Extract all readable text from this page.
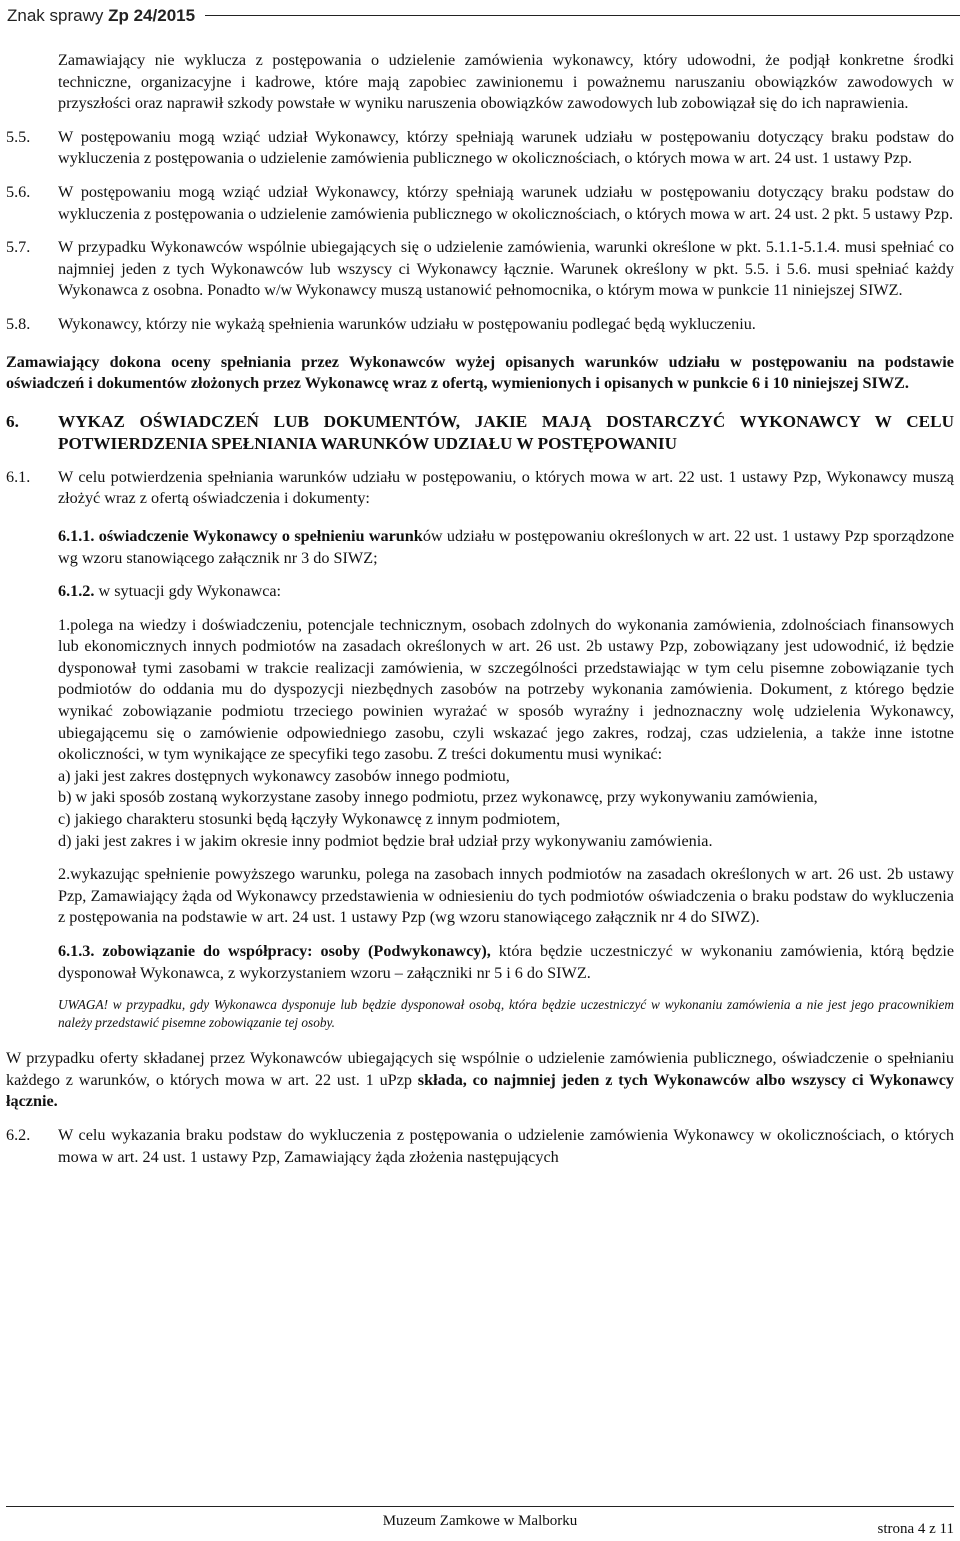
Znak sprawy Zp 24/2015

Zamawiający nie wyklucza z postępowania o udzielenie zamówienia wykonawcy, który udowodni, że podjął konkretne środki techniczne, organizacyjne i kadrowe, które mają zapobiec zawinionemu i poważnemu naruszaniu obowiązków zawodowych w przyszłości oraz naprawił szkody powstałe w wyniku naruszenia obowiązków zawodowych lub zobowiązał się do ich naprawienia.

5.5. W postępowaniu mogą wziąć udział Wykonawcy, którzy spełniają warunek udziału w postępowaniu dotyczący braku podstaw do wykluczenia z postępowania o udzielenie zamówienia publicznego w okolicznościach, o których mowa w art. 24 ust. 1 ustawy Pzp.
5.6. W postępowaniu mogą wziąć udział Wykonawcy, którzy spełniają warunek udziału w postępowaniu dotyczący braku podstaw do wykluczenia z postępowania o udzielenie zamówienia publicznego w okolicznościach, o których mowa w art. 24 ust. 2 pkt. 5 ustawy Pzp.
5.7. W przypadku Wykonawców wspólnie ubiegających się o udzielenie zamówienia, warunki określone w pkt. 5.1.1-5.1.4. musi spełniać co najmniej jeden z tych Wykonawców lub wszyscy ci Wykonawcy łącznie. Warunek określony w pkt. 5.5. i 5.6. musi spełniać każdy Wykonawca z osobna. Ponadto w/w Wykonawcy muszą ustanowić pełnomocnika, o którym mowa w punkcie 11 niniejszej SIWZ.
5.8. Wykonawcy, którzy nie wykażą spełnienia warunków udziału w postępowaniu podlegać będą wykluczeniu.

Zamawiający dokona oceny spełniania przez Wykonawców wyżej opisanych warunków udziału w postępowaniu na podstawie oświadczeń i dokumentów złożonych przez Wykonawcę wraz z ofertą, wymienionych i opisanych w punkcie 6 i 10 niniejszej SIWZ.

6. WYKAZ OŚWIADCZEŃ LUB DOKUMENTÓW, JAKIE MAJĄ DOSTARCZYĆ WYKONAWCY W CELU POTWIERDZENIA SPEŁNIANIA WARUNKÓW UDZIAŁU W POSTĘPOWANIU
6.1. W celu potwierdzenia spełniania warunków udziału w postępowaniu, o których mowa w art. 22 ust. 1 ustawy Pzp, Wykonawcy muszą złożyć wraz z ofertą oświadczenia i dokumenty:
6.1.1. oświadczenie Wykonawcy o spełnieniu warunków udziału w postępowaniu określonych w art. 22 ust. 1 ustawy Pzp sporządzone wg wzoru stanowiącego załącznik nr 3 do SIWZ;
6.1.2. w sytuacji gdy Wykonawca:
1.polega na wiedzy i doświadczeniu, potencjale technicznym, osobach zdolnych do wykonania zamówienia, zdolnościach finansowych lub ekonomicznych innych podmiotów na zasadach określonych w art. 26 ust. 2b ustawy Pzp, zobowiązany jest udowodnić, iż będzie dysponował tymi zasobami w trakcie realizacji zamówienia, w szczególności przedstawiając w tym celu pisemne zobowiązanie tych podmiotów do oddania mu do dyspozycji niezbędnych zasobów na potrzeby wykonania zamówienia. Dokument, z którego będzie wynikać zobowiązanie podmiotu trzeciego powinien wyrażać w sposób wyraźny i jednoznaczny wolę udzielenia Wykonawcy, ubiegającemu się o zamówienie odpowiedniego zasobu, czyli wskazać jego zakres, rodzaj, czas udzielenia, a także inne istotne okoliczności, w tym wynikające ze specyfiki tego zasobu. Z treści dokumentu musi wynikać:
a) jaki jest zakres dostępnych wykonawcy zasobów innego podmiotu,
b) w jaki sposób zostaną wykorzystane zasoby innego podmiotu, przez wykonawcę, przy wykonywaniu zamówienia,
c) jakiego charakteru stosunki będą łączyły Wykonawcę z innym podmiotem,
d) jaki jest zakres i w jakim okresie inny podmiot będzie brał udział przy wykonywaniu zamówienia.
2.wykazując spełnienie powyższego warunku, polega na zasobach innych podmiotów na zasadach określonych w art. 26 ust. 2b ustawy Pzp, Zamawiający żąda od Wykonawcy przedstawienia w odniesieniu do tych podmiotów oświadczenia o braku podstaw do wykluczenia z postępowania na podstawie w art. 24 ust. 1 ustawy Pzp (wg wzoru stanowiącego załącznik nr 4 do SIWZ).
6.1.3. zobowiązanie do współpracy: osoby (Podwykonawcy), która będzie uczestniczyć w wykonaniu zamówienia, którą będzie dysponował Wykonawca, z wykorzystaniem wzoru – załączniki nr 5 i 6 do SIWZ.
UWAGA! w przypadku, gdy Wykonawca dysponuje lub będzie dysponował osobą, która będzie uczestniczyć w wykonaniu zamówienia a nie jest jego pracownikiem należy przedstawić pisemne zobowiązanie tej osoby.

W przypadku oferty składanej przez Wykonawców ubiegających się wspólnie o udzielenie zamówienia publicznego, oświadczenie o spełnianiu każdego z warunków, o których mowa w art. 22 ust. 1 uPzp składa, co najmniej jeden z tych Wykonawców albo wszyscy ci Wykonawcy łącznie.

6.2. W celu wykazania braku podstaw do wykluczenia z postępowania o udzielenie zamówienia Wykonawcy w okolicznościach, o których mowa w art. 24 ust. 1 ustawy Pzp, Zamawiający żąda złożenia następujących
Muzeum Zamkowe w Malborku	strona 4 z 11
